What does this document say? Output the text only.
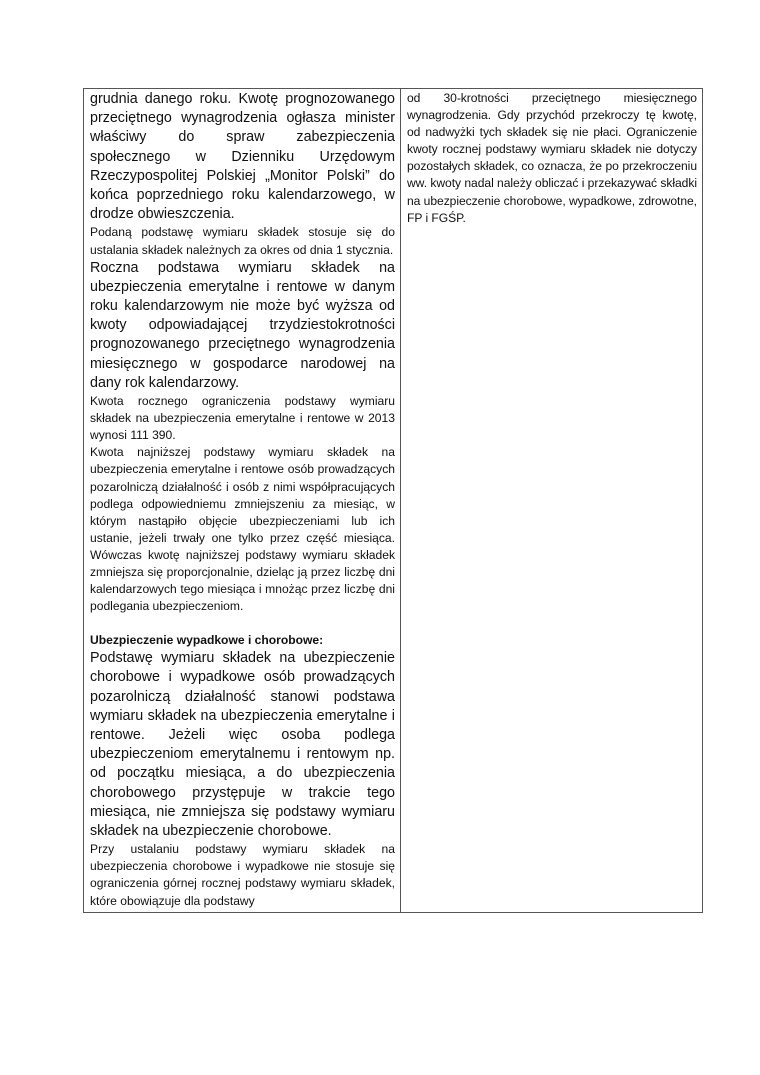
grudnia danego roku. Kwotę prognozowanego przeciętnego wynagrodzenia ogłasza minister właściwy do spraw zabezpieczenia społecznego w Dzienniku Urzędowym Rzeczypospolitej Polskiej „Monitor Polski” do końca poprzedniego roku kalendarzowego, w drodze obwieszczenia.

Podaną podstawę wymiaru składek stosuje się do ustalania składek należnych za okres od dnia 1 stycznia.

Roczna podstawa wymiaru składek na ubezpieczenia emerytalne i rentowe w danym roku kalendarzowym nie może być wyższa od kwoty odpowiadającej trzydziestokrotności prognozowanego przeciętnego wynagrodzenia miesięcznego w gospodarce narodowej na dany rok kalendarzowy.

Kwota rocznego ograniczenia podstawy wymiaru składek na ubezpieczenia emerytalne i rentowe w 2013 wynosi 111 390.

Kwota najniższej podstawy wymiaru składek na ubezpieczenia emerytalne i rentowe osób prowadzących pozarolniczą działalność i osób z nimi współpracujących podlega odpowiedniemu zmniejszeniu za miesiąc, w którym nastąpiło objęcie ubezpieczeniami lub ich ustanie, jeżeli trwały one tylko przez część miesiąca. Wówczas kwotę najniższej podstawy wymiaru składek zmniejsza się proporcjonalnie, dzieląc ją przez liczbę dni kalendarzowych tego miesiąca i mnożąc przez liczbę dni podlegania ubezpieczeniom.

Ubezpieczenie wypadkowe i chorobowe:

Podstawę wymiaru składek na ubezpieczenie chorobowe i wypadkowe osób prowadzących pozarolniczą działalność stanowi podstawa wymiaru składek na ubezpieczenia emerytalne i rentowe. Jeżeli więc osoba podlega ubezpieczeniom emerytalnemu i rentowym np. od początku miesiąca, a do ubezpieczenia chorobowego przystępuje w trakcie tego miesiąca, nie zmniejsza się podstawy wymiaru składek na ubezpieczenie chorobowe.

Przy ustalaniu podstawy wymiaru składek na ubezpieczenia chorobowe i wypadkowe nie stosuje się ograniczenia górnej rocznej podstawy wymiaru składek, które obowiązuje dla podstawy

od 30-krotności przeciętnego miesięcznego wynagrodzenia. Gdy przychód przekroczy tę kwotę, od nadwyżki tych składek się nie płaci. Ograniczenie kwoty rocznej podstawy wymiaru składek nie dotyczy pozostałych składek, co oznacza, że po przekroczeniu ww. kwoty nadal należy obliczać i przekazywać składki na ubezpieczenie chorobowe, wypadkowe, zdrowotne, FP i FGŚP.
